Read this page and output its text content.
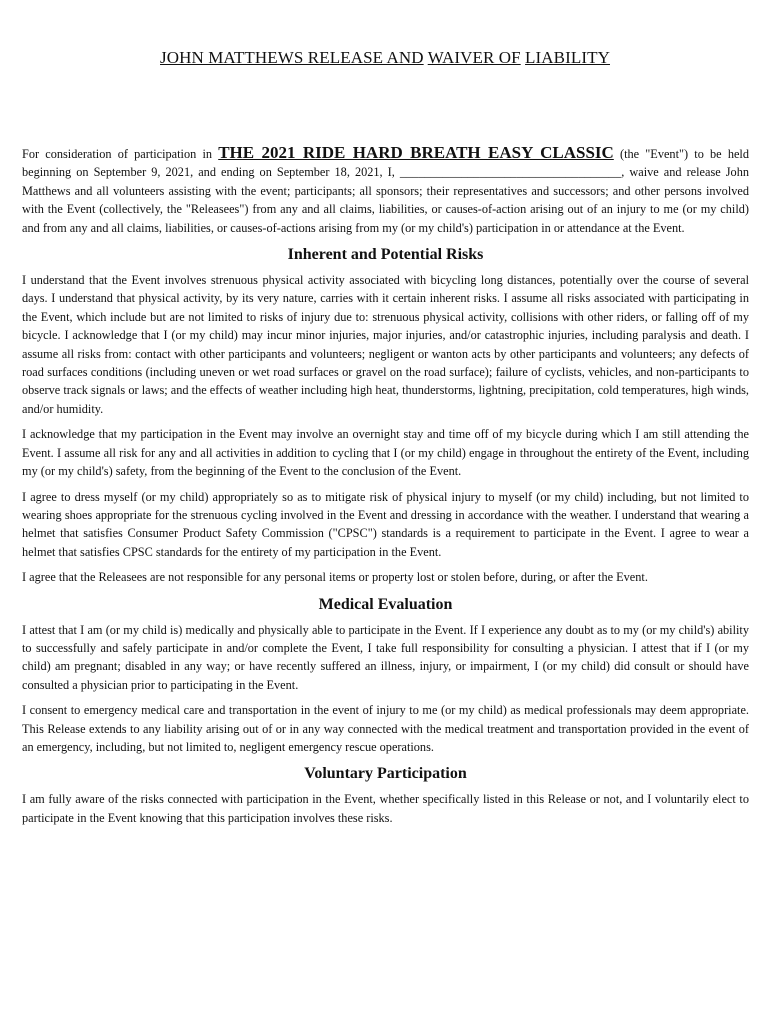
JOHN MATTHEWS RELEASE AND WAIVER OF LIABILITY

For consideration of participation in THE 2021 RIDE HARD BREATH EASY CLASSIC (the "Event") to be held beginning on September 9, 2021, and ending on September 18, 2021, I, ____________________________________, waive and release John Matthews and all volunteers assisting with the event; participants; all sponsors; their representatives and successors; and other persons involved with the Event (collectively, the "Releasees") from any and all claims, liabilities, or causes-of-action arising out of an injury to me (or my child) and from any and all claims, liabilities, or causes-of-actions arising from my (or my child's) participation in or attendance at the Event.

Inherent and Potential Risks

I understand that the Event involves strenuous physical activity associated with bicycling long distances, potentially over the course of several days. I understand that physical activity, by its very nature, carries with it certain inherent risks. I assume all risks associated with participating in the Event, which include but are not limited to risks of injury due to: strenuous physical activity, collisions with other riders, or falling off of my bicycle. I acknowledge that I (or my child) may incur minor injuries, major injuries, and/or catastrophic injuries, including paralysis and death. I assume all risks from: contact with other participants and volunteers; negligent or wanton acts by other participants and volunteers; any defects of road surfaces conditions (including uneven or wet road surfaces or gravel on the road surface); failure of cyclists, vehicles, and non-participants to observe track signals or laws; and the effects of weather including high heat, thunderstorms, lightning, precipitation, cold temperatures, high winds, and/or humidity.

I acknowledge that my participation in the Event may involve an overnight stay and time off of my bicycle during which I am still attending the Event. I assume all risk for any and all activities in addition to cycling that I (or my child) engage in throughout the entirety of the Event, including my (or my child's) safety, from the beginning of the Event to the conclusion of the Event.

I agree to dress myself (or my child) appropriately so as to mitigate risk of physical injury to myself (or my child) including, but not limited to wearing shoes appropriate for the strenuous cycling involved in the Event and dressing in accordance with the weather. I understand that wearing a helmet that satisfies Consumer Product Safety Commission ("CPSC") standards is a requirement to participate in the Event. I agree to wear a helmet that satisfies CPSC standards for the entirety of my participation in the Event.

I agree that the Releasees are not responsible for any personal items or property lost or stolen before, during, or after the Event.

Medical Evaluation

I attest that I am (or my child is) medically and physically able to participate in the Event. If I experience any doubt as to my (or my child's) ability to successfully and safely participate in and/or complete the Event, I take full responsibility for consulting a physician. I attest that if I (or my child) am pregnant; disabled in any way; or have recently suffered an illness, injury, or impairment, I (or my child) did consult or should have consulted a physician prior to participating in the Event.

I consent to emergency medical care and transportation in the event of injury to me (or my child) as medical professionals may deem appropriate. This Release extends to any liability arising out of or in any way connected with the medical treatment and transportation provided in the event of an emergency, including, but not limited to, negligent emergency rescue operations.

Voluntary Participation

I am fully aware of the risks connected with participation in the Event, whether specifically listed in this Release or not, and I voluntarily elect to participate in the Event knowing that this participation involves these risks.
